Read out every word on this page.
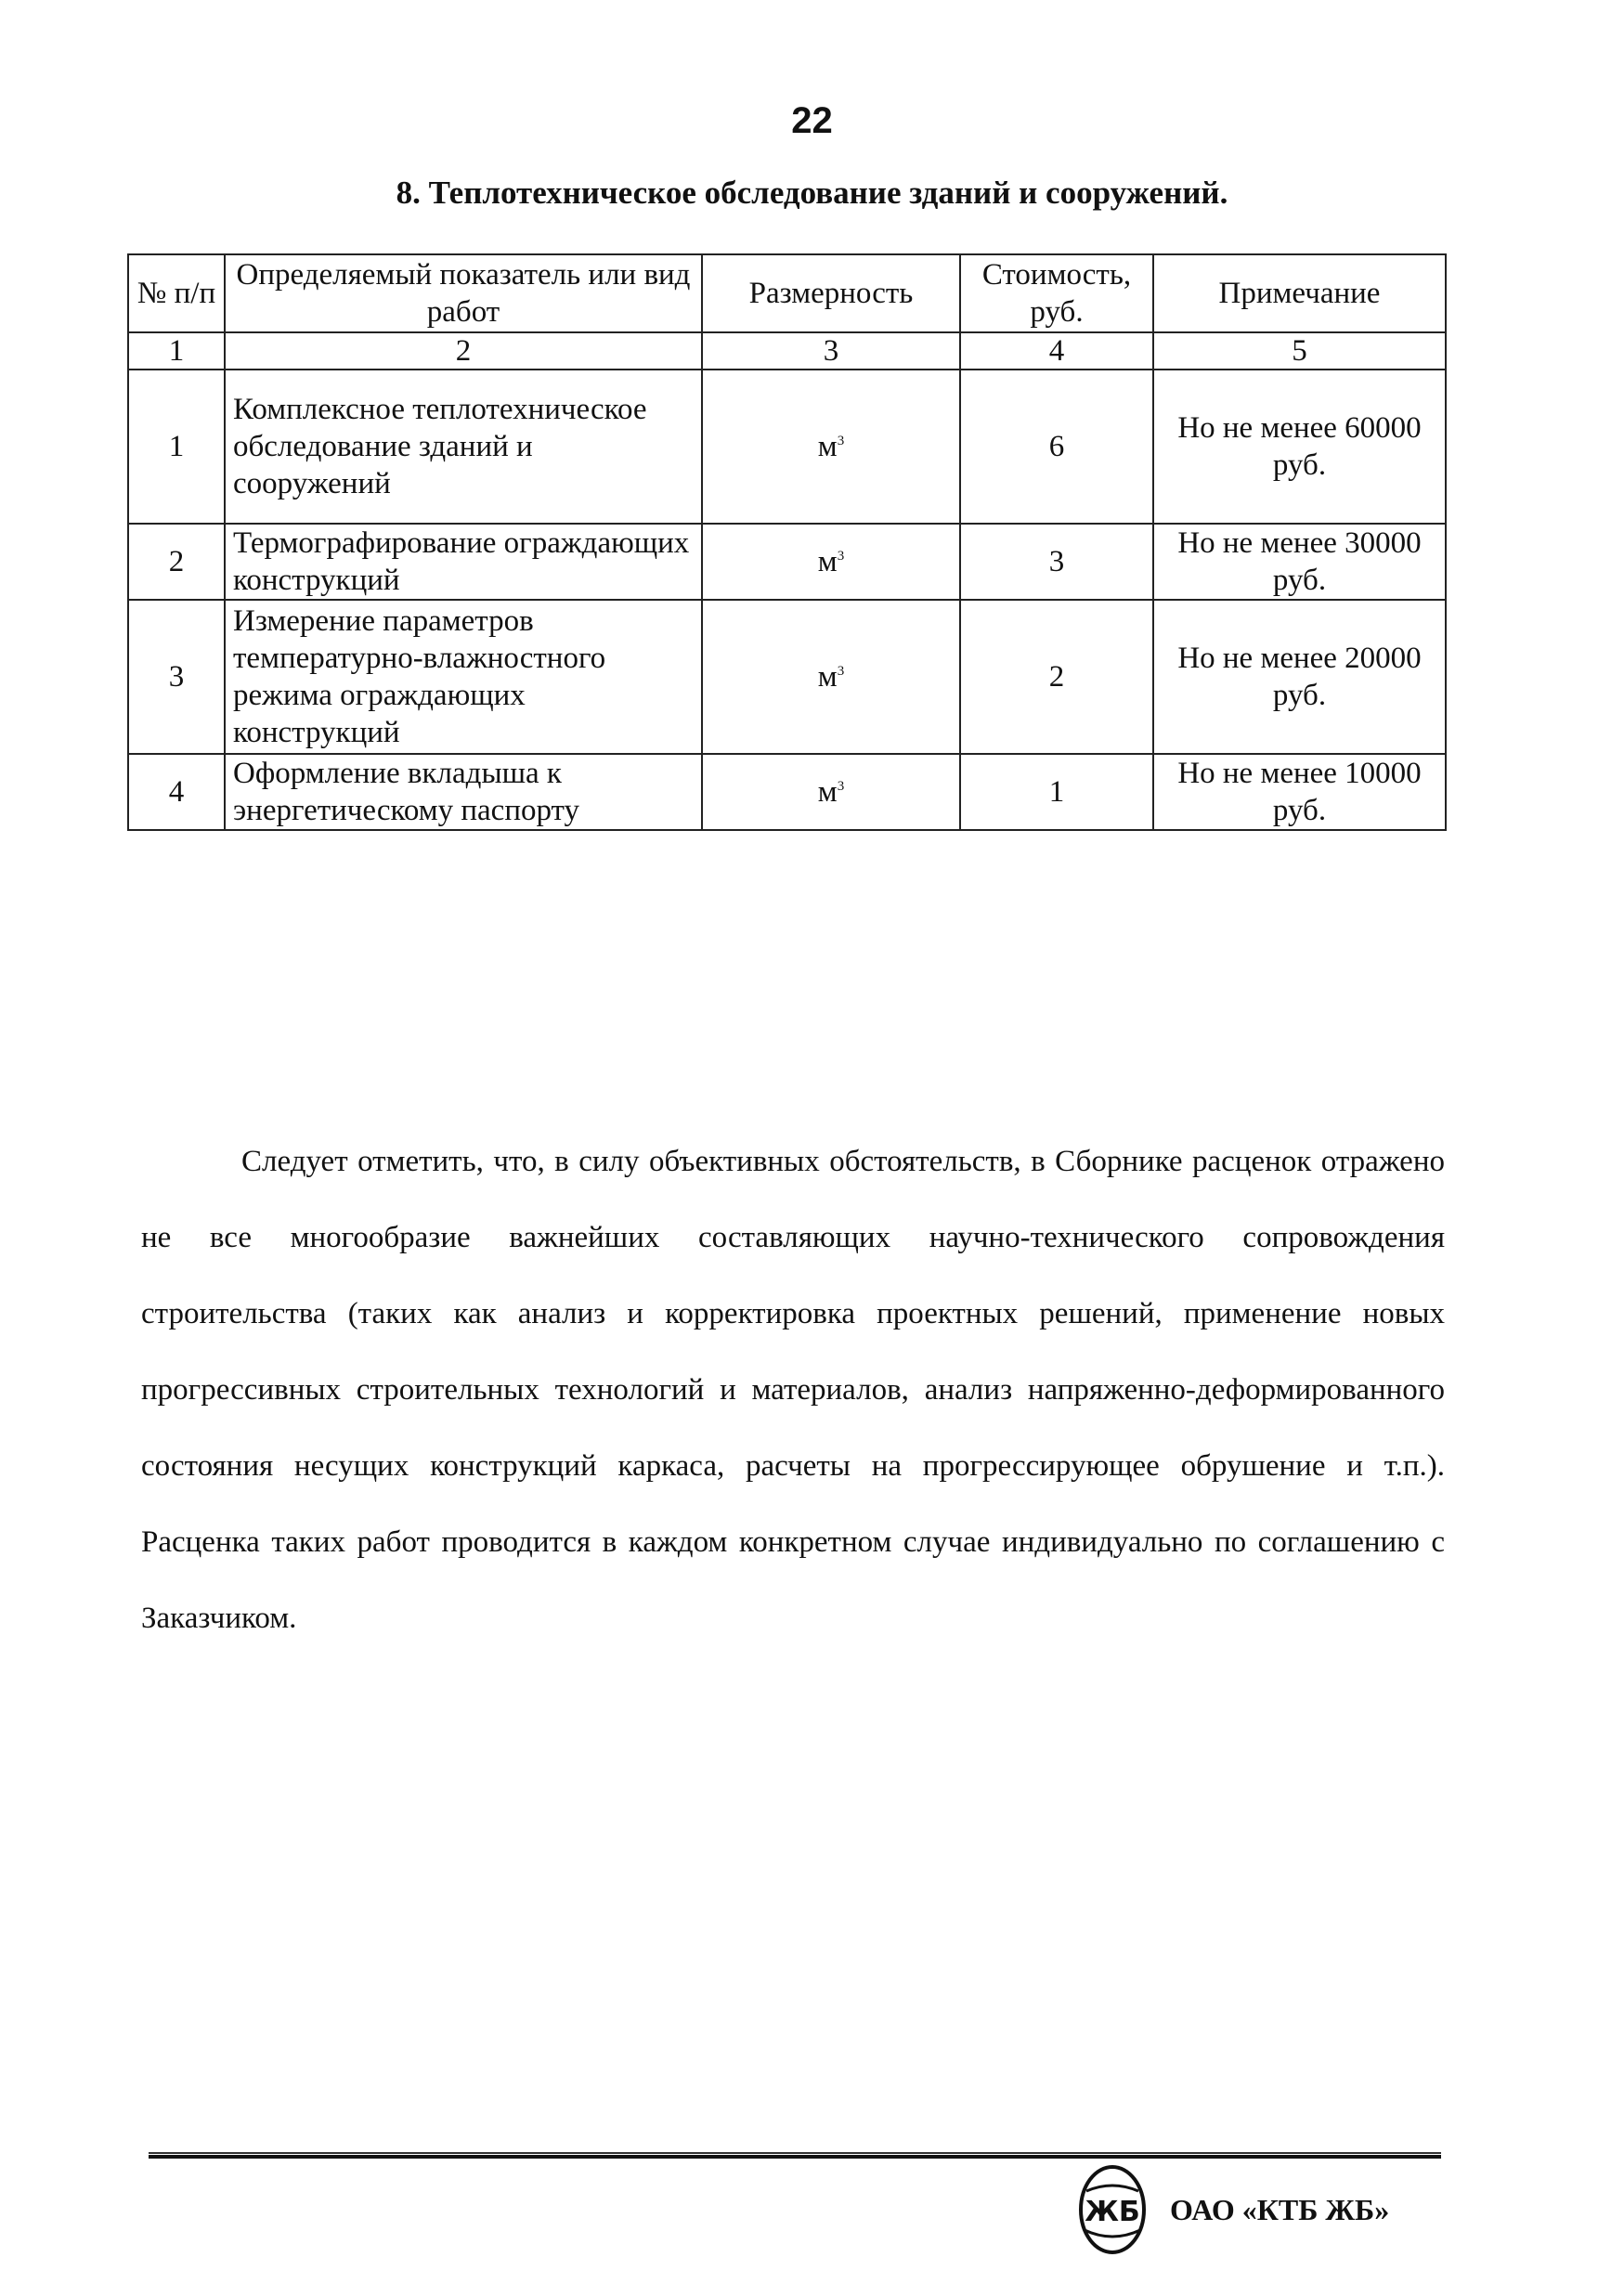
22
8. Теплотехническое обследование зданий и сооружений.
№ п/п	Определяемый показатель или вид работ	Размерность	Стоимость, руб.	Примечание
1	2	3	4	5
1	Комплексное теплотехническое обследование зданий и сооружений	$м^3$	6	Но не менее 60000 руб.
2	Термографирование ограждающих конструкций	$м^3$	3	Но не менее 30000 руб.
3	Измерение параметров температурно-влажностного режима ограждающих конструкций	$м^3$	2	Но не менее 20000 руб.
4	Оформление вкладыша к энергетическому паспорту	$м^3$	1	Но не менее 10000 руб.

Следует отметить, что, в силу объективных обстоятельств, в Сборнике расценок отражено не все многообразие важнейших составляющих научно-технического сопровождения строительства (таких как анализ и корректировка проектных решений, применение новых прогрессивных строительных технологий и материалов, анализ напряженно-деформированного состояния несущих конструкций каркаса, расчеты на прогрессирующее обрушение и т.п.). Расценка таких работ проводится в каждом конкретном случае индивидуально по соглашению с Заказчиком.

ЖБ ОАО «КТБ ЖБ»
